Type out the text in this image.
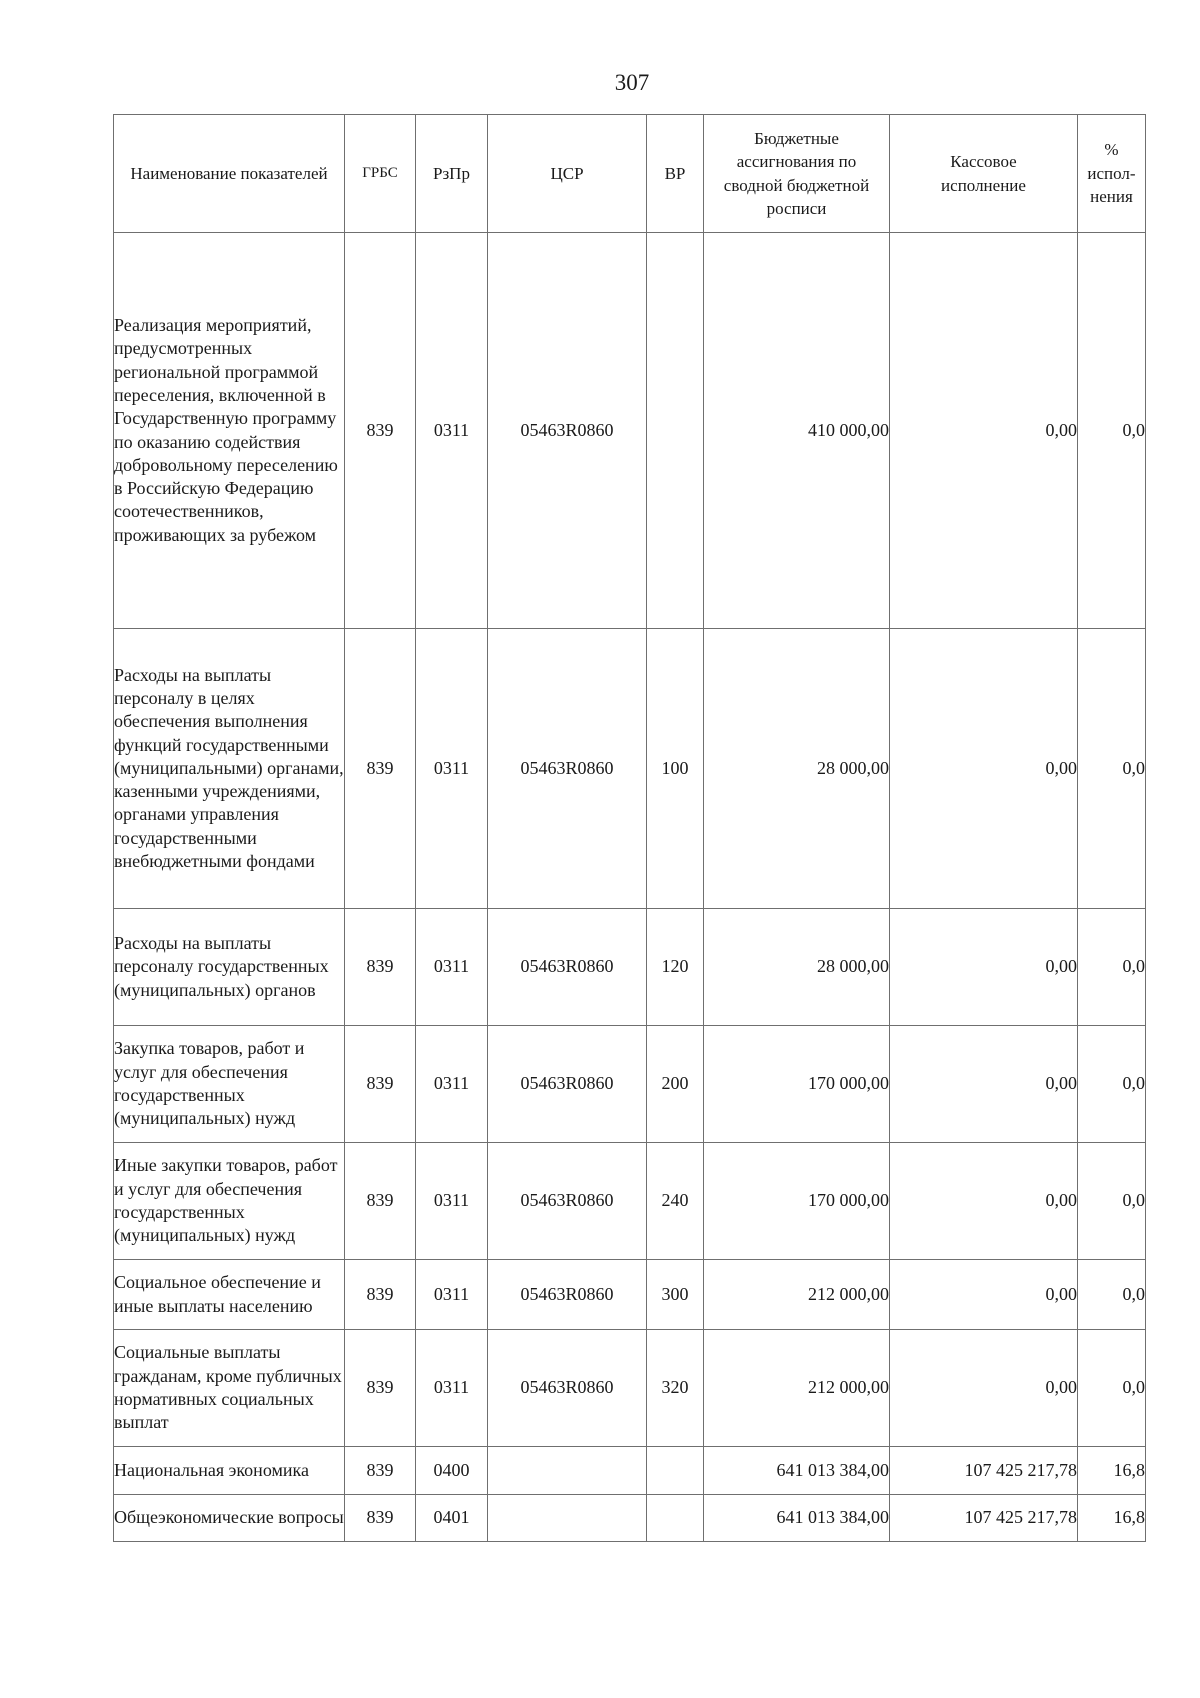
307
Наименование показателей	ГРБС	РзПр	ЦСР	ВР	Бюджетные ассигнования по сводной бюджетной росписи	Кассовое исполнение	% испол-нения
Реализация мероприятий, предусмотренных региональной программой переселения, включенной в Государственную программу по оказанию содействия добровольному переселению в Российскую Федерацию соотечественников, проживающих за рубежом	839	0311	05463R0860		410 000,00	0,00	0,0
Расходы на выплаты персоналу в целях обеспечения выполнения функций государственными (муниципальными) органами, казенными учреждениями, органами управления государственными внебюджетными фондами	839	0311	05463R0860	100	28 000,00	0,00	0,0
Расходы на выплаты персоналу государственных (муниципальных) органов	839	0311	05463R0860	120	28 000,00	0,00	0,0
Закупка товаров, работ и услуг для обеспечения государственных (муниципальных) нужд	839	0311	05463R0860	200	170 000,00	0,00	0,0
Иные закупки товаров, работ и услуг для обеспечения государственных (муниципальных) нужд	839	0311	05463R0860	240	170 000,00	0,00	0,0
Социальное обеспечение и иные выплаты населению	839	0311	05463R0860	300	212 000,00	0,00	0,0
Социальные выплаты гражданам, кроме публичных нормативных социальных выплат	839	0311	05463R0860	320	212 000,00	0,00	0,0
Национальная экономика	839	0400			641 013 384,00	107 425 217,78	16,8
Общеэкономические вопросы	839	0401			641 013 384,00	107 425 217,78	16,8
